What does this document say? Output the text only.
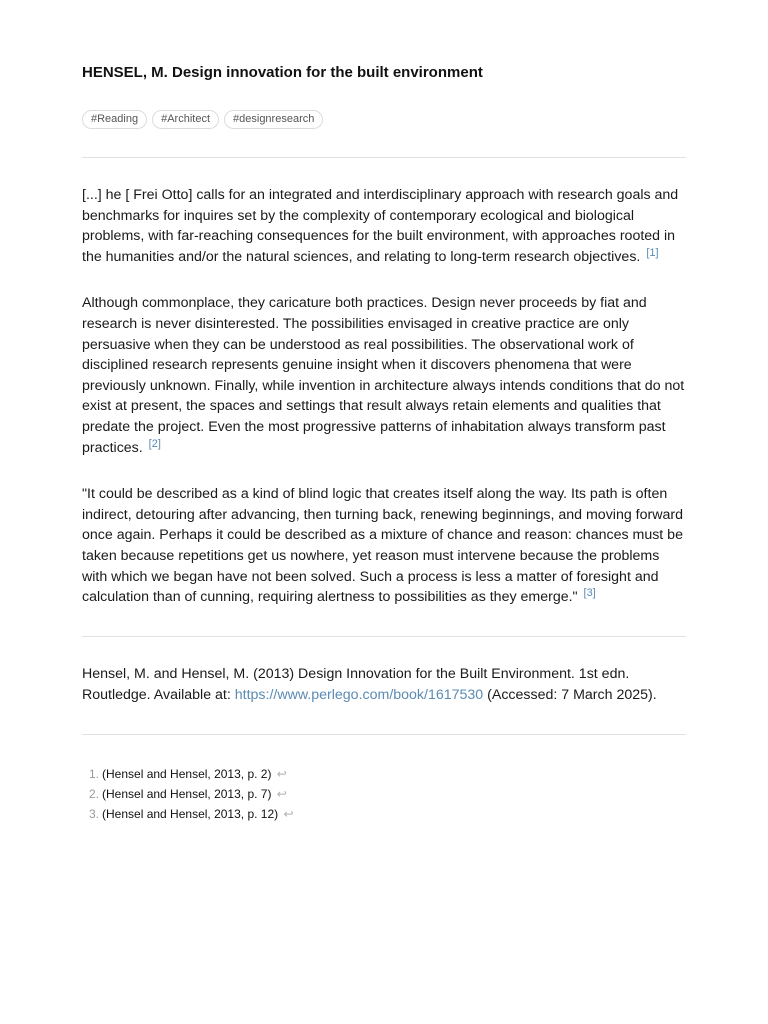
HENSEL, M. Design innovation for the built environment
#Reading	#Architect	#designresearch

[...] he [ Frei Otto] calls for an integrated and interdisciplinary approach with research goals and benchmarks for inquires set by the complexity of contemporary ecological and biological problems, with far-reaching consequences for the built environment, with approaches rooted in the humanities and/or the natural sciences, and relating to long-term research objectives. [1]

Although commonplace, they caricature both practices. Design never proceeds by fiat and research is never disinterested. The possibilities envisaged in creative practice are only persuasive when they can be understood as real possibilities. The observational work of disciplined research represents genuine insight when it discovers phenomena that were previously unknown. Finally, while invention in architecture always intends conditions that do not exist at present, the spaces and settings that result always retain elements and qualities that predate the project. Even the most progressive patterns of inhabitation always transform past practices. [2]

"It could be described as a kind of blind logic that creates itself along the way. Its path is often indirect, detouring after advancing, then turning back, renewing beginnings, and moving forward once again. Perhaps it could be described as a mixture of chance and reason: chances must be taken because repetitions get us nowhere, yet reason must intervene because the problems with which we began have not been solved. Such a process is less a matter of foresight and calculation than of cunning, requiring alertness to possibilities as they emerge." [3]

Hensel, M. and Hensel, M. (2013) Design Innovation for the Built Environment. 1st edn. Routledge. Available at: https://www.perlego.com/book/1617530 (Accessed: 7 March 2025).

1. (Hensel and Hensel, 2013, p. 2) ↩
2. (Hensel and Hensel, 2013, p. 7) ↩
3. (Hensel and Hensel, 2013, p. 12) ↩
